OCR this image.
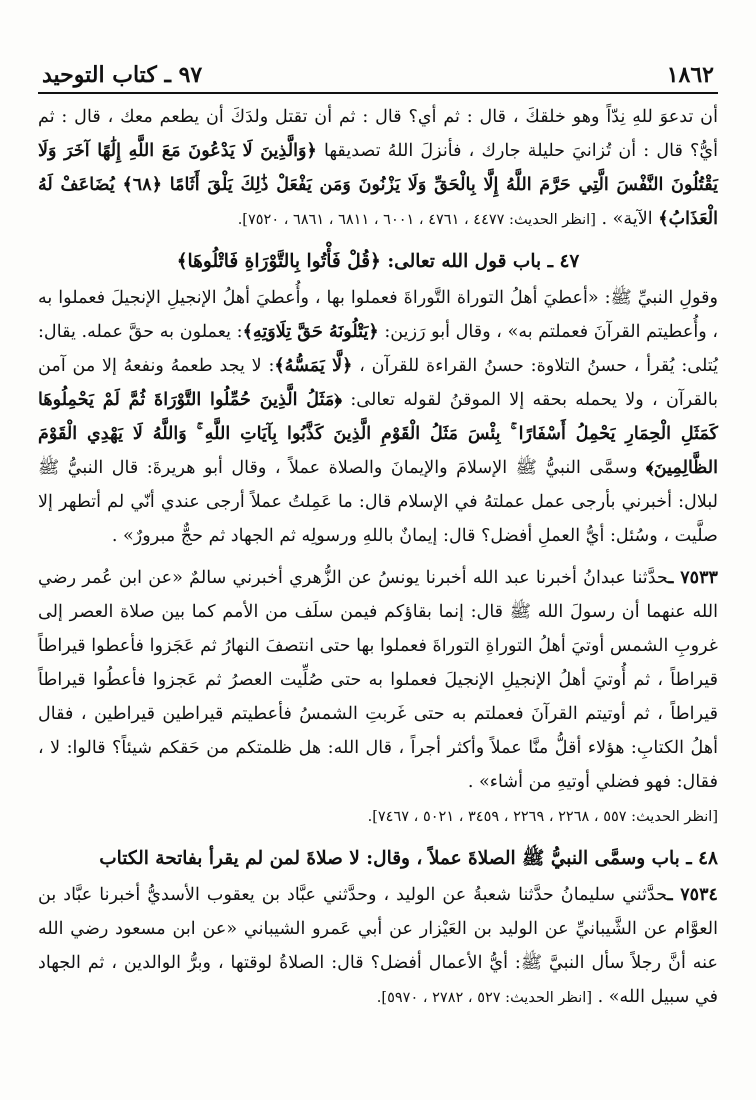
١٨٦٢
٩٧ ـ كتاب التوحيد

أن تدعوَ للهِ نِدّاً وهو خلقكَ ، قال : ثم أي؟ قال : ثم أن تقتل ولدَكَ أن يطعم معك ، قال : ثم أيُّ؟ قال : أن تُزانيَ حليلة جارك ، فأنزلَ اللهُ تصديقها ﴿وَالَّذِينَ لَا يَدْعُونَ مَعَ اللَّهِ إِلَٰهًا آخَرَ وَلَا يَقْتُلُونَ النَّفْسَ الَّتِي حَرَّمَ اللَّهُ إِلَّا بِالْحَقِّ وَلَا يَزْنُونَ وَمَن يَفْعَلْ ذَٰلِكَ يَلْقَ أَثَامًا ﴿٦٨﴾ يُضَاعَفْ لَهُ الْعَذَابُ﴾ الآية» . [انظر الحديث: ٤٤٧٧ ، ٤٧٦١ ، ٦٠٠١ ، ٦٨١١ ، ٦٨٦١ ، ٧٥٢٠].

٤٧ ـ باب قول الله تعالى: ﴿قُلْ فَأْتُوا بِالتَّوْرَاةِ فَاتْلُوهَا﴾

وقولِ النبيِّ ﷺ: «أعطيَ أهلُ التوراة التَّوراةَ فعملوا بها ، وأُعطيَ أهلُ الإنجيلِ الإنجيلَ فعملوا به ، وأُعطيتم القرآنَ فعملتم به» ، وقال أبو رَزين: ﴿يَتْلُونَهُ حَقَّ تِلَاوَتِهِ﴾: يعملون به حقَّ عمله. يقال: يُتلى: يُقرأ ، حسنُ التلاوة: حسنُ القراءة للقرآن ، ﴿لَّا يَمَسُّهُ﴾: لا يجد طعمهُ ونفعهُ إلا من آمن بالقرآن ، ولا يحمله بحقه إلا الموقنُ لقوله تعالى: ﴿مَثَلُ الَّذِينَ حُمِّلُوا التَّوْرَاةَ ثُمَّ لَمْ يَحْمِلُوهَا كَمَثَلِ الْحِمَارِ يَحْمِلُ أَسْفَارًا ۚ بِئْسَ مَثَلُ الْقَوْمِ الَّذِينَ كَذَّبُوا بِآيَاتِ اللَّهِ ۚ وَاللَّهُ لَا يَهْدِي الْقَوْمَ الظَّالِمِينَ﴾ وسمَّى النبيُّ ﷺ الإسلامَ والإيمانَ والصلاة عملاً ، وقال أبو هريرةَ: قال النبيُّ ﷺ لبلال: أخبرني بأرجى عمل عملتهُ في الإسلام قال: ما عَمِلتُ عملاً أرجى عندي أنّي لم أتطهر إلا صلَّيت ، وسُئل: أيُّ العملِ أفضل؟ قال: إيمانٌ باللهِ ورسولِه ثم الجهاد ثم حجٌّ مبرورٌ» .

٧٥٣٣ ـحدَّثنا عبدانُ أخبرنا عبد الله أخبرنا يونسُ عن الزُّهري أخبرني سالمٌ «عن ابن عُمر رضي الله عنهما أن رسولَ الله ﷺ قال: إنما بقاؤكم فيمن سلَف من الأمم كما بين صلاة العصر إلى غروبِ الشمس أوتيَ أهلُ التوراةِ التوراةَ فعملوا بها حتى انتصفَ النهارُ ثم عَجَزوا فأعطوا قيراطاً قيراطاً ، ثم أُوتيَ أهلُ الإنجيلِ الإنجيلَ فعملوا به حتى صُلِّيت العصرُ ثم عَجزوا فأعطُوا قيراطاً قيراطاً ، ثم أوتيتم القرآنَ فعملتم به حتى غَربتِ الشمسُ فأعطيتم قيراطين قيراطين ، فقال أهلُ الكتابِ: هؤلاء أقلُّ منَّا عملاً وأكثر أجراً ، قال الله: هل ظلمتكم من حَقكم شيئاً؟ قالوا: لا ، فقال: فهو فضلي أوتيهِ من أشاء» .

[انظر الحديث: ٥٥٧ ، ٢٢٦٨ ، ٢٢٦٩ ، ٣٤٥٩ ، ٥٠٢١ ، ٧٤٦٧].

٤٨ ـ باب وسمَّى النبيُّ ﷺ الصلاةَ عملاً ، وقال: لا صلاةَ لمن لم يقرأ بفاتحة الكتاب

٧٥٣٤ ـحدَّثني سليمانُ حدَّثنا شعبةُ عن الوليد ، وحدَّثني عبَّاد بن يعقوب الأسديُّ أخبرنا عبَّاد بن العوَّام عن الشَّيبانيِّ عن الوليد بن العَيْزار عن أبي عَمرو الشيباني «عن ابن مسعود رضي الله عنه أنَّ رجلاً سأل النبيَّ ﷺ: أيُّ الأعمال أفضل؟ قال: الصلاةُ لوقتها ، وبرُّ الوالدين ، ثم الجهاد في سبيل الله» . [انظر الحديث: ٥٢٧ ، ٢٧٨٢ ، ٥٩٧٠].
